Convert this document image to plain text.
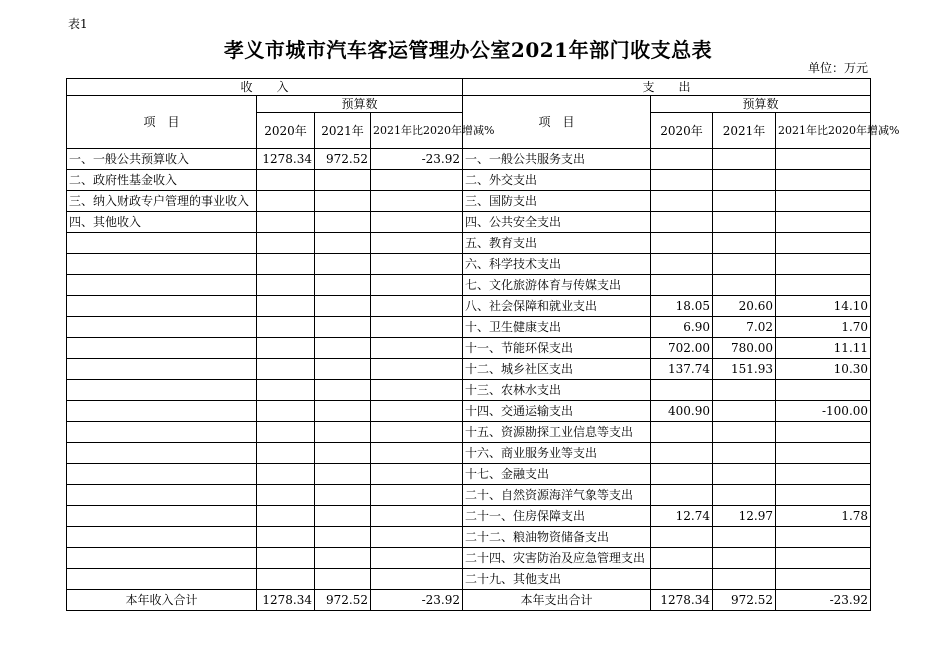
表1
孝义市城市汽车客运管理办公室2021年部门收支总表
单位：万元
收　　入				支　　出			
项　目	预算数			项　目	预算数		
	2020年	2021年	2021年比2020年增减%		2020年	2021年	2021年比2020年增减%
一、一般公共预算收入	1278.34	972.52	-23.92	一、一般公共服务支出			
二、政府性基金收入				二、外交支出			
三、纳入财政专户管理的事业收入				三、国防支出			
四、其他收入				四、公共安全支出			
				五、教育支出			
				六、科学技术支出			
				七、文化旅游体育与传媒支出			
				八、社会保障和就业支出	18.05	20.60	14.10
				十、卫生健康支出	6.90	7.02	1.70
				十一、节能环保支出	702.00	780.00	11.11
				十二、城乡社区支出	137.74	151.93	10.30
				十三、农林水支出			
				十四、交通运输支出	400.90		-100.00
				十五、资源勘探工业信息等支出			
				十六、商业服务业等支出			
				十七、金融支出			
				二十、自然资源海洋气象等支出			
				二十一、住房保障支出	12.74	12.97	1.78
				二十二、粮油物资储备支出			
				二十四、灾害防治及应急管理支出			
				二十九、其他支出			
本年收入合计	1278.34	972.52	-23.92	本年支出合计	1278.34	972.52	-23.92
